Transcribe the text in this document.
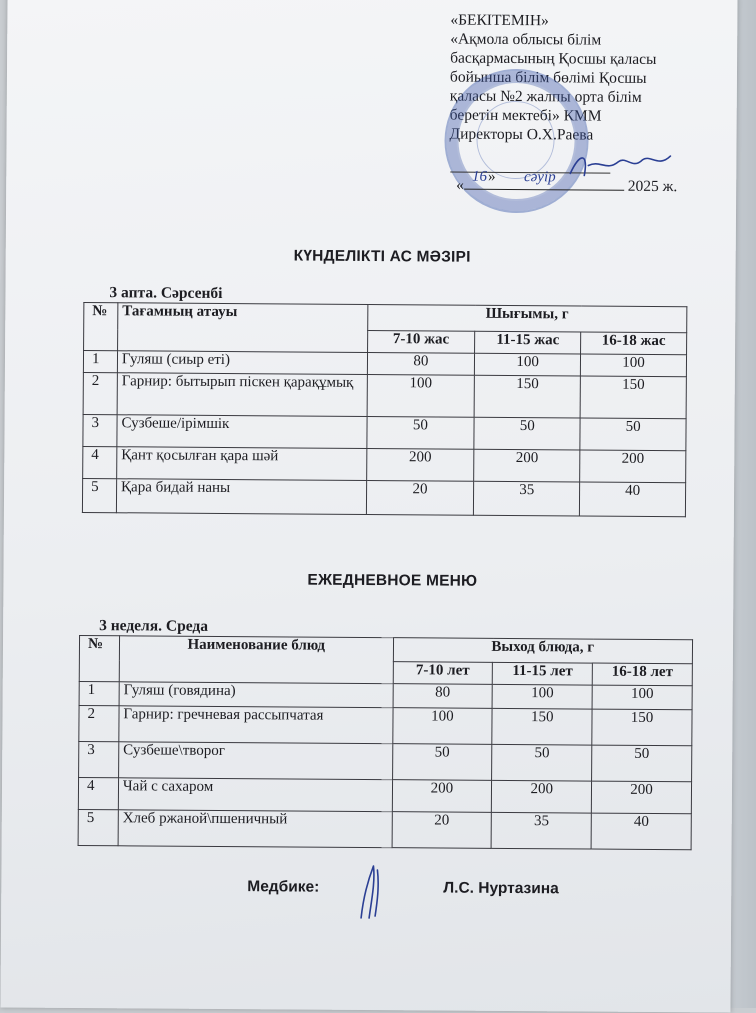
«БЕКІТЕМІН»
«Ақмола облысы білім
басқармасының Қосшы қаласы
бойынша білім бөлімі Қосшы
қаласы №2 жалпы орта білім
беретін мектебі» КММ
Директоры О.Х.Раева
« 16 » сәуір
2025 ж.
КҮНДЕЛІКТІ АС МӘЗІРІ
3 апта. Сәрсенбі
№	Тағамның атауы	Шығымы, г		
		7-10 жас	11-15 жас	16-18 жас
1	Гуляш (сиыр еті)	80	100	100
2	Гарнир: бытырып піскен қарақұмық	100	150	150
3	Сузбеше/ірімшік	50	50	50
4	Қант қосылған қара шәй	200	200	200
5	Қара бидай наны	20	35	40
ЕЖЕДНЕВНОЕ МЕНЮ
3 неделя. Среда
№	Наименование блюд	Выход блюда, г		
		7-10 лет	11-15 лет	16-18 лет
1	Гуляш (говядина)	80	100	100
2	Гарнир: гречневая рассыпчатая	100	150	150
3	Сузбеше\творог	50	50	50
4	Чай с сахаром	200	200	200
5	Хлеб ржаной\пшеничный	20	35	40
Медбике:	Л.С. Нуртазина
